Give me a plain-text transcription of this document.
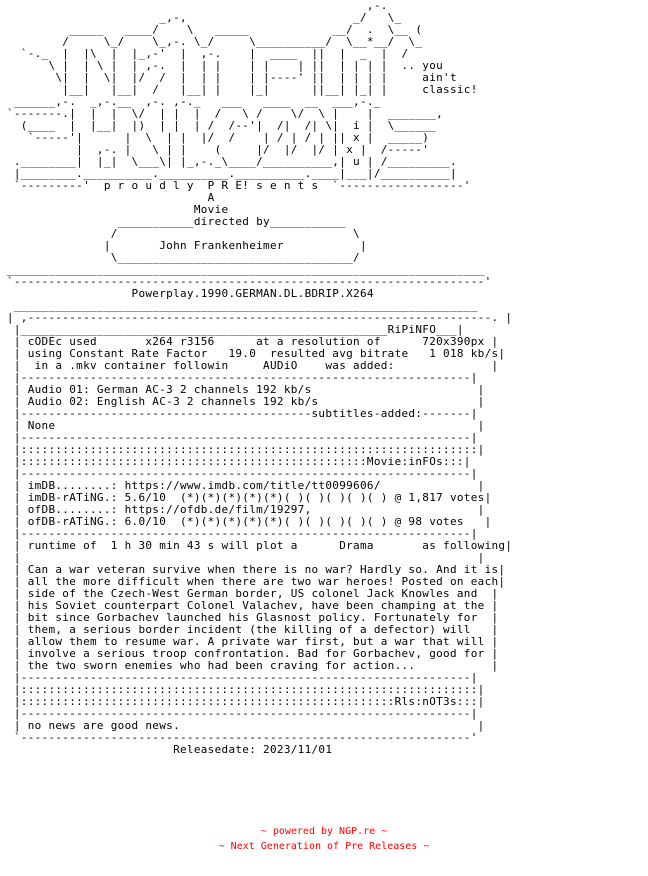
,-.
_,-,                        _/   \_
_____   ____/    \   _____            __/  .  \__ (
/     \_/    \_,-. \_/     \__________/  \__*__/  \_
`-._  |  |\  |  |_,-'  |  ,-.    |  ____  ||  |  _  |  /
\ |  | \ |  | ,-.  |  | |    | |    | ||  | | | |  .. you
\|  |  \|  |/  /  |  | |    | |----' ||  | | | |     ain't
|__|   |__|  /   |__| |    |_|      ||__| |_| |     classic!
______,-.  _,-.__  ,-. ,-._   ___   ____  __  ___,-._
`-------.|  |  |  \/  | |  |  /   \ /    \/  \ |    |  _______,
(____  |  |__|  |)  | |  | /  /--'|  /|  /| \|  i |  \______
`-----'|      |  \  | |  |/  /    | / | / | || x |  _____)
|  ,-. |   \ | |    (     |/  |/  |/ | x |  /-----'
.________|  |_|  \___\| |_,-._\____/__________,| u | /_________.
|________.__________.__________.__________.____|___|/__________|
`---------'  p r o u d l y  P R E! s e n t s  `------------------'
A
Movie
___________directed by___________
/                                  \
|       John Frankenheimer           |
\__________________________________/
_____________________________________________________________________
`--------------------------------------------------------------------'
Powerplay.1990.GERMAN.DL.BDRIP.X264
___________________________________________________________________
| ,-------------------------------------------------------------------. |
|_____________________________________________________RiPiNFO___|
| cODEc used       x264 r3156      at a resolution of      720x390px |
| using Constant Rate Factor   19.0  resulted avg bitrate   1 018 kb/s|
|  in a .mkv container followin     AUDiO    was added:              |
|-----------------------------------------------------------------|
| Audio 01: German AC-3 2 channels 192 kb/s                        |
| Audio 02: English AC-3 2 channels 192 kb/s                       |
|------------------------------------------subtitles-added:-------|
| None                                                             |
|-----------------------------------------------------------------|
|::::::::::::::::::::::::::::::::::::::::::::::::::::::::::::::::::|
|::::::::::::::::::::::::::::::::::::::::::::::::::Movie:inFOs:::|
|-----------------------------------------------------------------|
| imDB........: https://www.imdb.com/title/tt0099606/              |
| imDB-rATiNG.: 5.6/10  (*)(*)(*)(*)(*)( )( )( )( )( ) @ 1,817 votes|
| ofDB........: https://ofdb.de/film/19297,                        |
| ofDB-rATiNG.: 6.0/10  (*)(*)(*)(*)(*)( )( )( )( )( ) @ 98 votes   |
|-----------------------------------------------------------------|
| runtime of  1 h 30 min 43 s will plot a      Drama       as following|
|                                                                  |
| Can a war veteran survive when there is no war? Hardly so. And it is|
| all the more difficult when there are two war heroes! Posted on each|
| side of the Czech-West German border, US colonel Jack Knowles and  |
| his Soviet counterpart Colonel Valachev, have been champing at the |
| bit since Gorbachev launched his Glasnost policy. Fortunately for  |
| them, a serious border incident (the killing of a defector) will   |
| allow them to resume war. A private war first, but a war that will |
| involve a serious troop confrontation. Bad for Gorbachev, good for |
| the two sworn enemies who had been craving for action...           |
|-----------------------------------------------------------------|
|::::::::::::::::::::::::::::::::::::::::::::::::::::::::::::::::::|
|::::::::::::::::::::::::::::::::::::::::::::::::::::::Rls:nOT3s:::|
|-----------------------------------------------------------------|
| no news are good news.                                           |
`-----------------------------------------------------------------'
Releasedate: 2023/11/01

~ powered by NGP.re ~
~ Next Generation of Pre Releases ~
